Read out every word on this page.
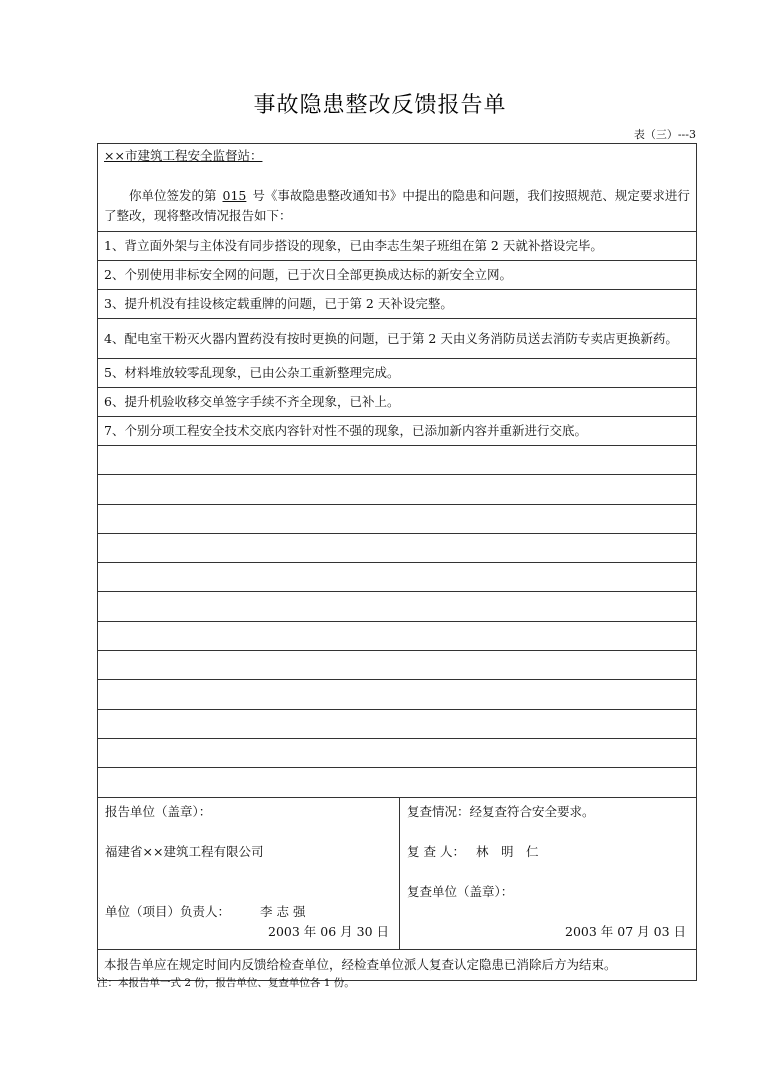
事故隐患整改反馈报告单
表（三）---3
××市建筑工程安全监督站：
你单位签发的第 015 号《事故隐患整改通知书》中提出的隐患和问题，我们按照规范、规定要求进行了整改，现将整改情况报告如下：

1、背立面外架与主体没有同步搭设的现象，已由李志生架子班组在第 2 天就补搭设完毕。
2、个别使用非标安全网的问题，已于次日全部更换成达标的新安全立网。
3、提升机没有挂设核定载重牌的问题，已于第 2 天补设完整。
4、配电室干粉灭火器内置药没有按时更换的问题，已于第 2 天由义务消防员送去消防专卖店更换新药。
5、材料堆放较零乱现象，已由公杂工重新整理完成。
6、提升机验收移交单签字手续不齐全现象，已补上。
7、个别分项工程安全技术交底内容针对性不强的现象，已添加新内容并重新进行交底。

报告单位（盖章）：
福建省××建筑工程有限公司
单位（项目）负责人： 李 志 强
2003 年 06 月 30 日

复查情况：经复查符合安全要求。
复 查 人： 林　明　仁
复查单位（盖章）：
2003 年 07 月 03 日

本报告单应在规定时间内反馈给检查单位，经检查单位派人复查认定隐患已消除后方为结束。
注：本报告单一式 2 份，报告单位、复查单位各 1 份。
